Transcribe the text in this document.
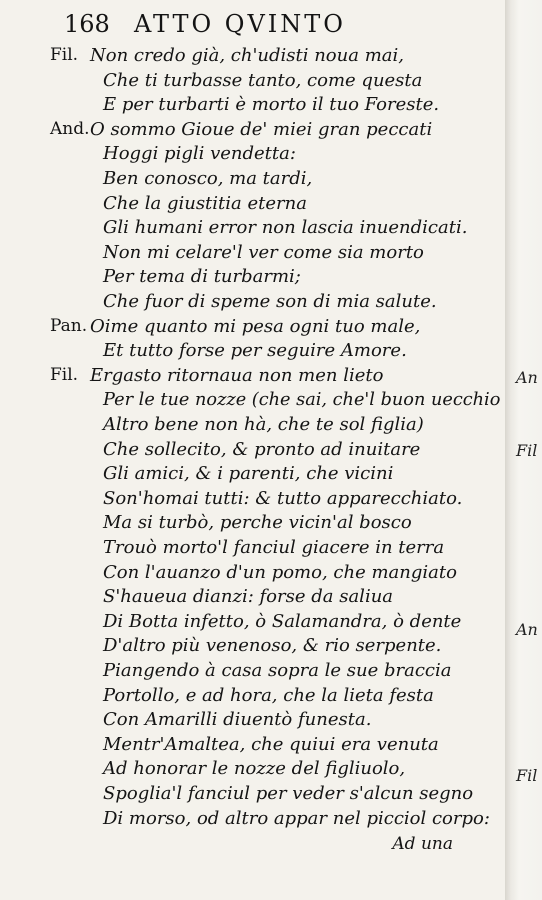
168 ATTO QVINTO
Fil. Non credo già, ch'udisti noua mai,
Che ti turbasse tanto, come questa
E per turbarti è morto il tuo Foreste.
And. O sommo Gioue de' miei gran peccati
Hoggi pigli vendetta:
Ben conosco, ma tardi,
Che la giustitia eterna
Gli humani error non lascia inuendicati.
Non mi celare'l ver come sia morto
Per tema di turbarmi;
Che fuor di speme son di mia salute.
Pan. Oime quanto mi pesa ogni tuo male,
Et tutto forse per seguire Amore.
Fil. Ergasto ritornaua non men lieto
Per le tue nozze (che sai, che'l buon uecchio
Altro bene non hà, che te sol figlia)
Che sollecito, & pronto ad inuitare
Gli amici, & i parenti, che vicini
Son'homai tutti: & tutto apparecchiato.
Ma si turbò, perche vicin'al bosco
Trouò morto'l fanciul giacere in terra
Con l'auanzo d'un pomo, che mangiato
S'haueua dianzi: forse da saliua
Di Botta infetto, ò Salamandra, ò dente
D'altro più venenoso, & rio serpente.
Piangendo à casa sopra le sue braccia
Portollo, e ad hora, che la lieta festa
Con Amarilli diuentò funesta.
Mentr'Amaltea, che quiui era venuta
Ad honorar le nozze del figliuolo,
Spoglia'l fanciul per veder s'alcun segno
Di morso, od altro appar nel picciol corpo:
Ad una
An
Fil
An
Fil
